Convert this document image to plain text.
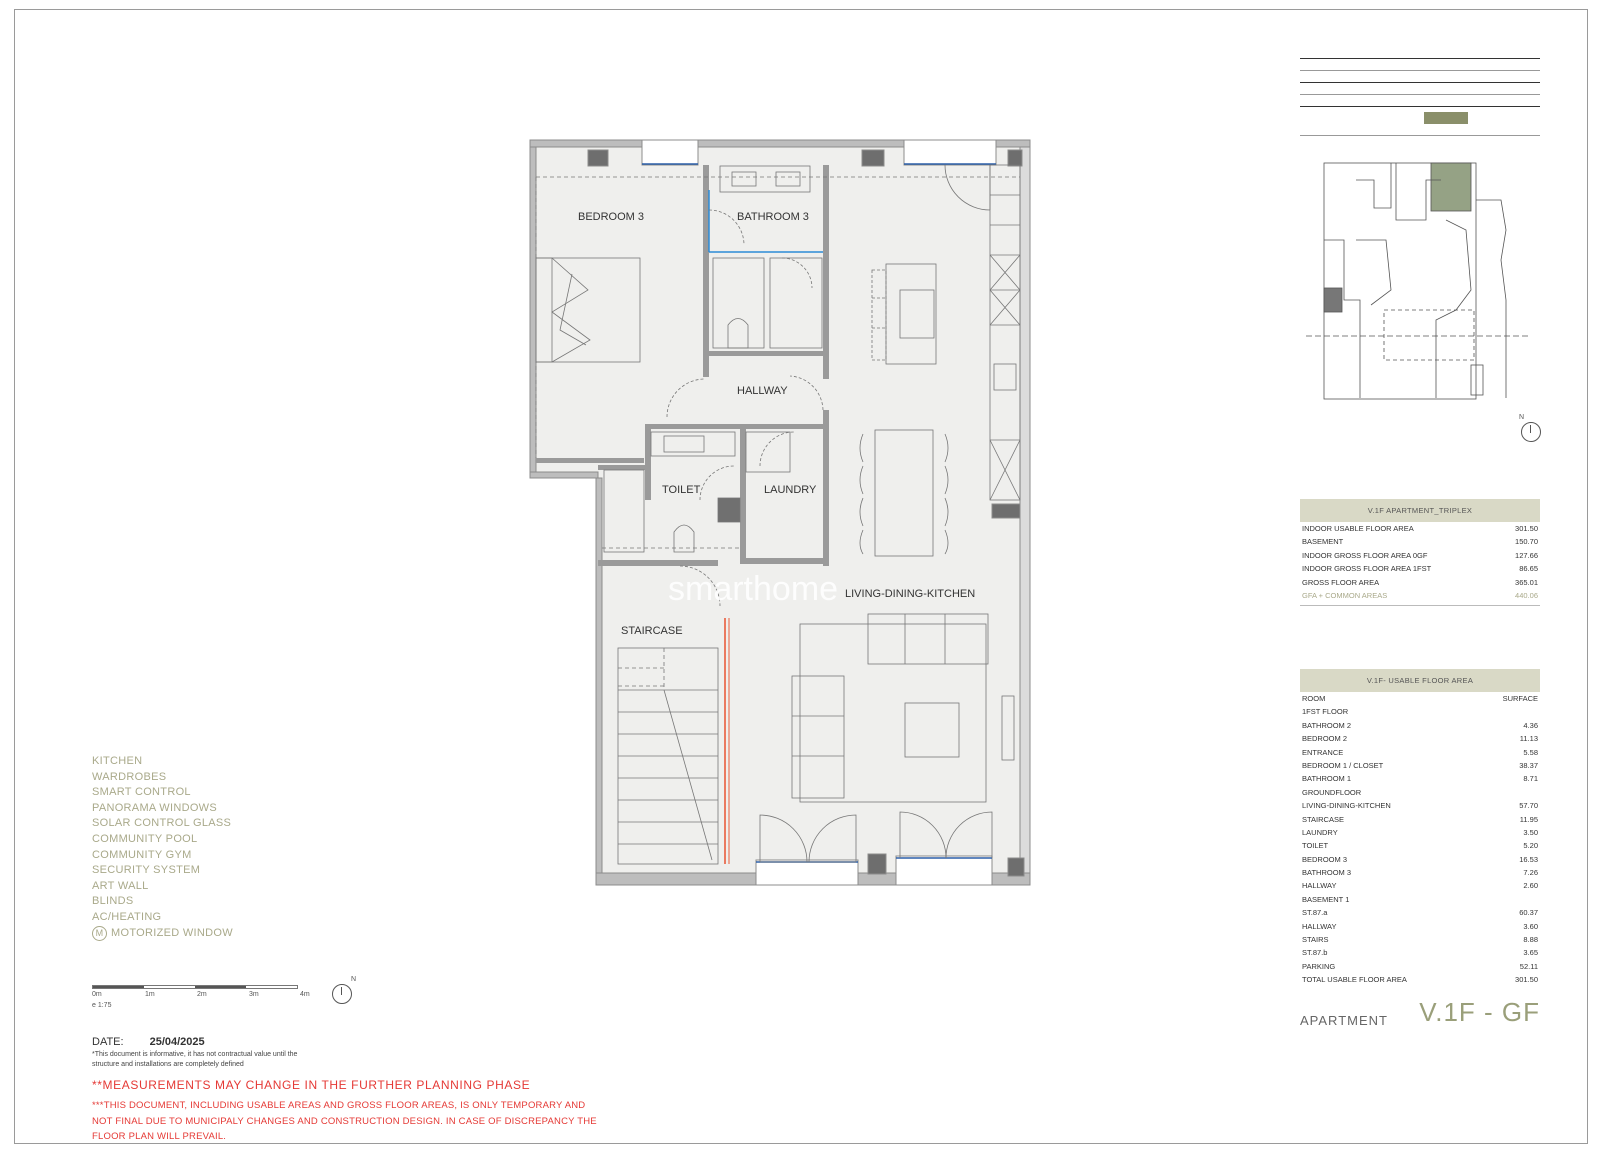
BEDROOM 3	BATHROOM 3
HALLWAY
TOILET	LAUNDRY
STAIRCASE
LIVING-DINING-KITCHEN
smarthome
KITCHEN
WARDROBES
SMART CONTROL
PANORAMA WINDOWS
SOLAR CONTROL GLASS
COMMUNITY POOL
COMMUNITY GYM
SECURITY SYSTEM
ART WALL
BLINDS
AC/HEATING
M MOTORIZED WINDOW
0m	1m	2m	3m	4m
e 1:75
N
DATE: 25/04/2025
*This document is informative, it has not contractual value until the structure and installations are completely defined
**MEASUREMENTS MAY CHANGE IN THE FURTHER PLANNING PHASE
***THIS DOCUMENT, INCLUDING USABLE AREAS AND GROSS FLOOR AREAS, IS ONLY TEMPORARY AND NOT FINAL DUE TO MUNICIPALY CHANGES AND CONSTRUCTION DESIGN. IN CASE OF DISCREPANCY THE FLOOR PLAN WILL PREVAIL.
N
V.1F APARTMENT_TRIPLEX
INDOOR USABLE FLOOR AREA	301.50
BASEMENT	150.70
INDOOR GROSS FLOOR AREA 0GF	127.66
INDOOR GROSS FLOOR AREA 1FST	86.65
GROSS FLOOR AREA	365.01
GFA + COMMON AREAS	440.06
V.1F- USABLE FLOOR AREA
ROOM	SURFACE
1FST FLOOR
BATHROOM 2	4.36
BEDROOM 2	11.13
ENTRANCE	5.58
BEDROOM 1 / CLOSET	38.37
BATHROOM 1	8.71
GROUNDFLOOR
LIVING-DINING-KITCHEN	57.70
STAIRCASE	11.95
LAUNDRY	3.50
TOILET	5.20
BEDROOM 3	16.53
BATHROOM 3	7.26
HALLWAY	2.60
BASEMENT 1
ST.87.a	60.37
HALLWAY	3.60
STAIRS	8.88
ST.87.b	3.65
PARKING	52.11
TOTAL USABLE FLOOR AREA	301.50
APARTMENT V.1F - GF
